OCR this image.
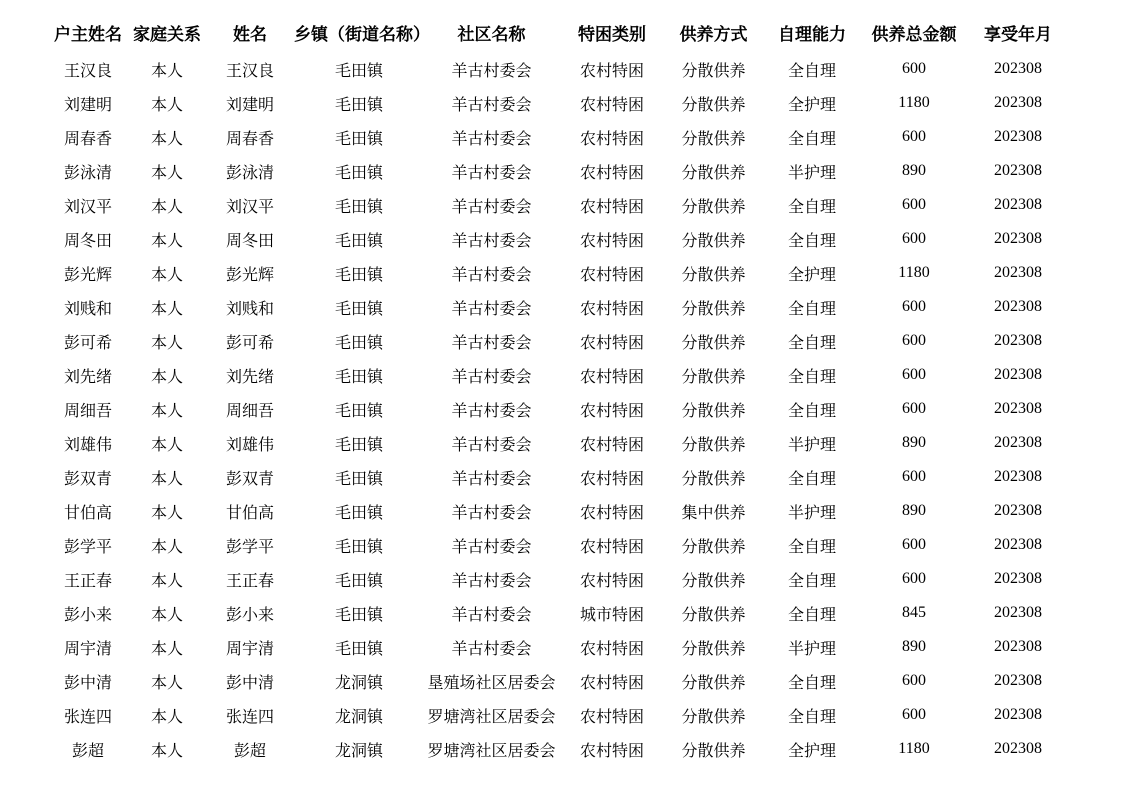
户主姓名	家庭关系	姓名	乡镇（街道名称）	社区名称	特困类别	供养方式	自理能力	供养总金额	享受年月
王汉良	本人	王汉良	毛田镇	羊古村委会	农村特困	分散供养	全自理	600	202308
刘建明	本人	刘建明	毛田镇	羊古村委会	农村特困	分散供养	全护理	1180	202308
周春香	本人	周春香	毛田镇	羊古村委会	农村特困	分散供养	全自理	600	202308
彭泳清	本人	彭泳清	毛田镇	羊古村委会	农村特困	分散供养	半护理	890	202308
刘汉平	本人	刘汉平	毛田镇	羊古村委会	农村特困	分散供养	全自理	600	202308
周冬田	本人	周冬田	毛田镇	羊古村委会	农村特困	分散供养	全自理	600	202308
彭光辉	本人	彭光辉	毛田镇	羊古村委会	农村特困	分散供养	全护理	1180	202308
刘贱和	本人	刘贱和	毛田镇	羊古村委会	农村特困	分散供养	全自理	600	202308
彭可希	本人	彭可希	毛田镇	羊古村委会	农村特困	分散供养	全自理	600	202308
刘先绪	本人	刘先绪	毛田镇	羊古村委会	农村特困	分散供养	全自理	600	202308
周细吾	本人	周细吾	毛田镇	羊古村委会	农村特困	分散供养	全自理	600	202308
刘雄伟	本人	刘雄伟	毛田镇	羊古村委会	农村特困	分散供养	半护理	890	202308
彭双青	本人	彭双青	毛田镇	羊古村委会	农村特困	分散供养	全自理	600	202308
甘伯高	本人	甘伯高	毛田镇	羊古村委会	农村特困	集中供养	半护理	890	202308
彭学平	本人	彭学平	毛田镇	羊古村委会	农村特困	分散供养	全自理	600	202308
王正春	本人	王正春	毛田镇	羊古村委会	农村特困	分散供养	全自理	600	202308
彭小来	本人	彭小来	毛田镇	羊古村委会	城市特困	分散供养	全自理	845	202308
周宇清	本人	周宇清	毛田镇	羊古村委会	农村特困	分散供养	半护理	890	202308
彭中清	本人	彭中清	龙洞镇	垦殖场社区居委会	农村特困	分散供养	全自理	600	202308
张连四	本人	张连四	龙洞镇	罗塘湾社区居委会	农村特困	分散供养	全自理	600	202308
彭超	本人	彭超	龙洞镇	罗塘湾社区居委会	农村特困	分散供养	全护理	1180	202308
